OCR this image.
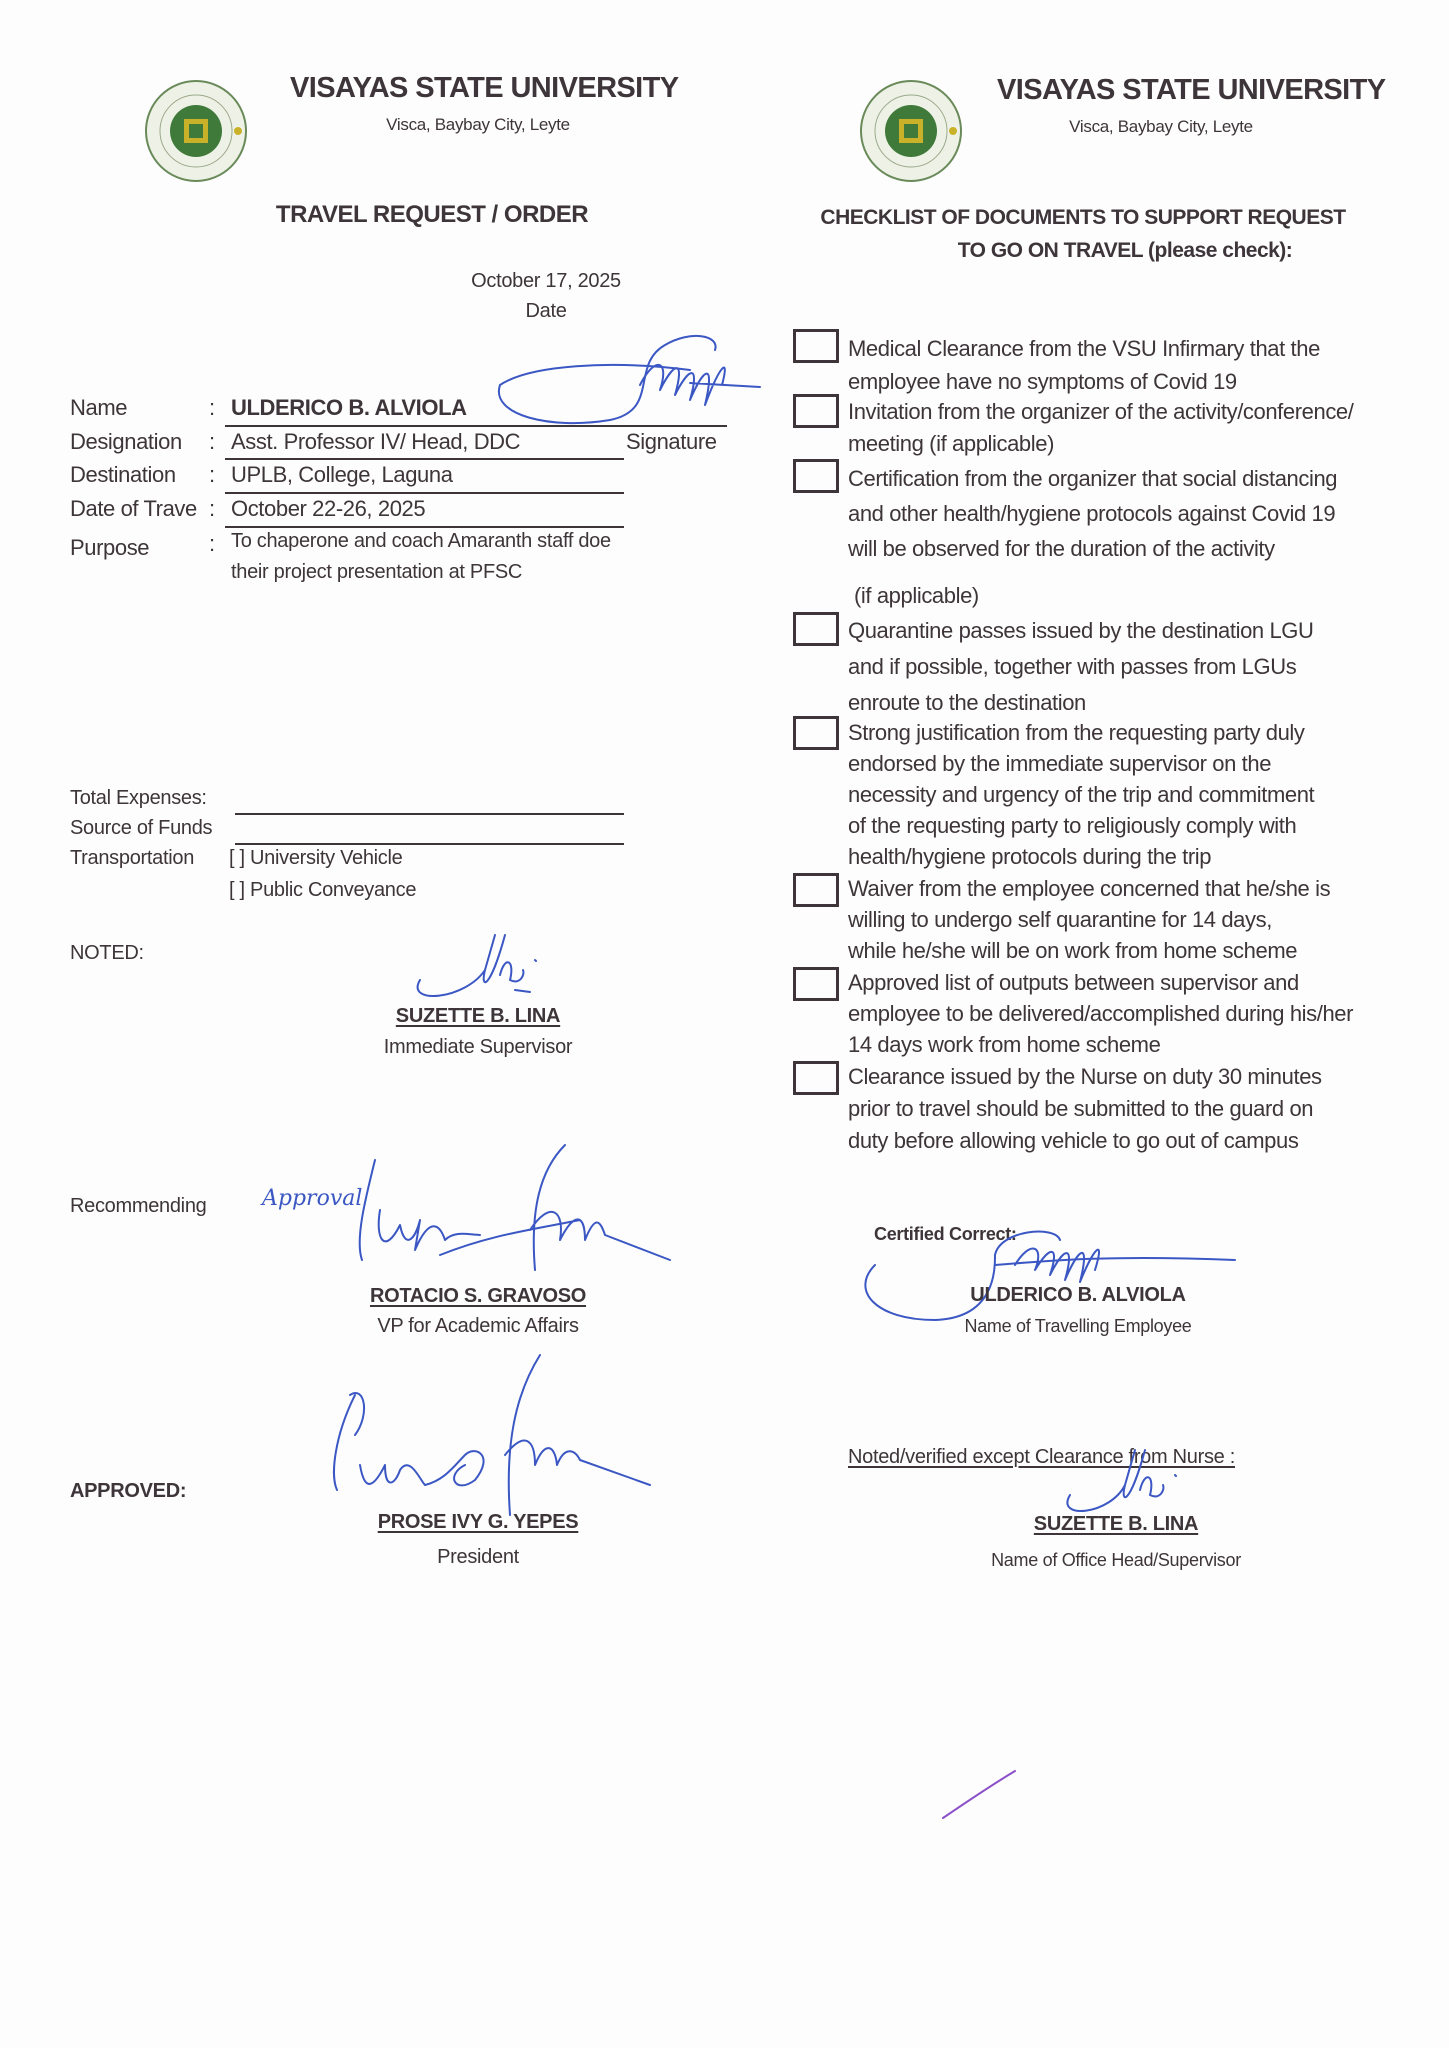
VISAYAS STATE UNIVERSITY
Visca, Baybay City, Leyte
TRAVEL REQUEST / ORDER
October 17, 2025
Date
Name	: ULDERICO B. ALVIOLA
Designation : Asst. Professor IV/ Head, DDC	Signature
Destination : UPLB, College, Laguna
Date of Trave : October 22-26, 2025
Purpose	: To chaperone and coach Amaranth staff doe
their project presentation at PFSC
Total Expenses:
Source of Funds
Transportation [ ] University Vehicle
[ ] Public Conveyance
NOTED:
SUZETTE B. LINA
Immediate Supervisor
Recommending	Approval
ROTACIO S. GRAVOSO
VP for Academic Affairs
APPROVED:
PROSE IVY G. YEPES
President
VISAYAS STATE UNIVERSITY
Visca, Baybay City, Leyte
CHECKLIST OF DOCUMENTS TO SUPPORT REQUEST
TO GO ON TRAVEL (please check):
Medical Clearance from the VSU Infirmary that the
employee have no symptoms of Covid 19
Invitation from the organizer of the activity/conference/
meeting (if applicable)
Certification from the organizer that social distancing
and other health/hygiene protocols against Covid 19
will be observed for the duration of the activity
(if applicable)
Quarantine passes issued by the destination LGU
and if possible, together with passes from LGUs
enroute to the destination
Strong justification from the requesting party duly
endorsed by the immediate supervisor on the
necessity and urgency of the trip and commitment
of the requesting party to religiously comply with
health/hygiene protocols during the trip
Waiver from the employee concerned that he/she is
willing to undergo self quarantine for 14 days,
while he/she will be on work from home scheme
Approved list of outputs between supervisor and
employee to be delivered/accomplished during his/her
14 days work from home scheme
Clearance issued by the Nurse on duty 30 minutes
prior to travel should be submitted to the guard on
duty before allowing vehicle to go out of campus
Certified Correct:
ULDERICO B. ALVIOLA
Name of Travelling Employee
Noted/verified except Clearance from Nurse :
SUZETTE B. LINA
Name of Office Head/Supervisor
